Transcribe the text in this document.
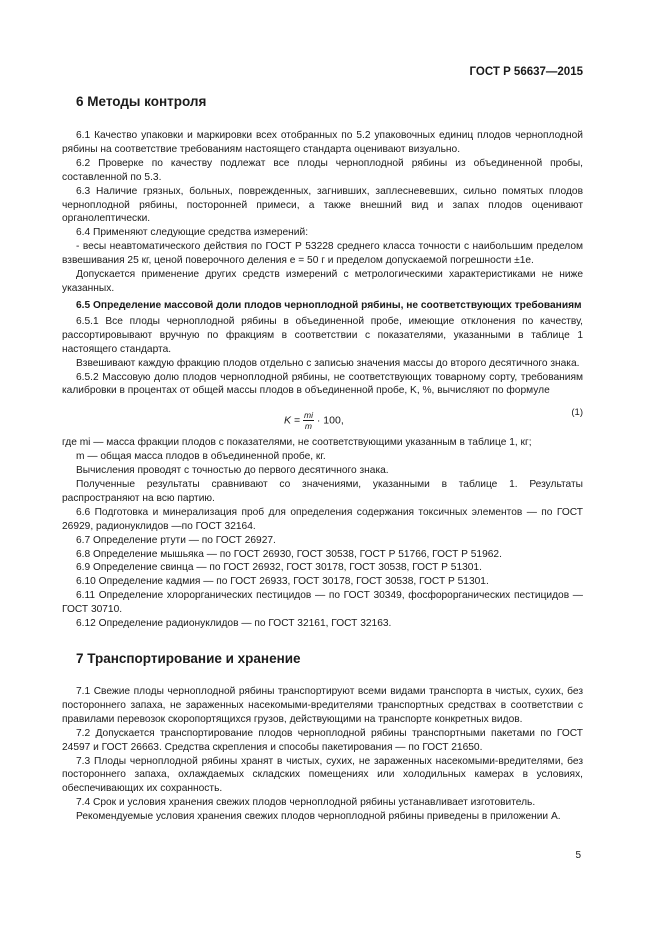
ГОСТ Р 56637—2015
6 Методы контроля

6.1 Качество упаковки и маркировки всех отобранных по 5.2 упаковочных единиц плодов черноплодной рябины на соответствие требованиям настоящего стандарта оценивают визуально.

6.2 Проверке по качеству подлежат все плоды черноплодной рябины из объединенной пробы, составленной по 5.3.

6.3 Наличие грязных, больных, поврежденных, загнивших, заплесневевших, сильно помятых плодов черноплодной рябины, посторонней примеси, а также внешний вид и запах плодов оценивают органолептически.

6.4 Применяют следующие средства измерений:

- весы неавтоматического действия по ГОСТ Р 53228 среднего класса точности с наибольшим пределом взвешивания 25 кг, ценой поверочного деления e = 50 г и пределом допускаемой погрешности ±1e.

Допускается применение других средств измерений с метрологическими характеристиками не ниже указанных.

6.5 Определение массовой доли плодов черноплодной рябины, не соответствующих требованиям

6.5.1 Все плоды черноплодной рябины в объединенной пробе, имеющие отклонения по качеству, рассортировывают вручную по фракциям в соответствии с показателями, указанными в таблице 1 настоящего стандарта.

Взвешивают каждую фракцию плодов отдельно с записью значения массы до второго десятичного знака.

6.5.2 Массовую долю плодов черноплодной рябины, не соответствующих товарному сорту, требованиям калибровки в процентах от общей массы плодов в объединенной пробе, K, %, вычисляют по формуле

$K = \frac{mi}{m} \cdot 100$,
(1)

где mi — масса фракции плодов с показателями, не соответствующими указанным в таблице 1, кг;

m — общая масса плодов в объединенной пробе, кг.

Вычисления проводят с точностью до первого десятичного знака.

Полученные результаты сравнивают со значениями, указанными в таблице 1. Результаты распространяют на всю партию.

6.6 Подготовка и минерализация проб для определения содержания токсичных элементов — по ГОСТ 26929, радионуклидов —по ГОСТ 32164.

6.7 Определение ртути — по ГОСТ 26927.

6.8 Определение мышьяка — по ГОСТ 26930, ГОСТ 30538, ГОСТ Р 51766, ГОСТ Р 51962.

6.9 Определение свинца — по ГОСТ 26932, ГОСТ 30178, ГОСТ 30538, ГОСТ Р 51301.

6.10 Определение кадмия — по ГОСТ 26933, ГОСТ 30178, ГОСТ 30538, ГОСТ Р 51301.

6.11 Определение хлорорганических пестицидов — по ГОСТ 30349, фосфорорганических пестицидов — ГОСТ 30710.

6.12 Определение радионуклидов — по ГОСТ 32161, ГОСТ 32163.

7 Транспортирование и хранение

7.1 Свежие плоды черноплодной рябины транспортируют всеми видами транспорта в чистых, сухих, без постороннего запаха, не зараженных насекомыми-вредителями транспортных средствах в соответствии с правилами перевозок скоропортящихся грузов, действующими на транспорте конкретных видов.

7.2 Допускается транспортирование плодов черноплодной рябины транспортными пакетами по ГОСТ 24597 и ГОСТ 26663. Средства скрепления и способы пакетирования — по ГОСТ 21650.

7.3 Плоды черноплодной рябины хранят в чистых, сухих, не зараженных насекомыми-вредителями, без постороннего запаха, охлаждаемых складских помещениях или холодильных камерах в условиях, обеспечивающих их сохранность.

7.4 Срок и условия хранения свежих плодов черноплодной рябины устанавливает изготовитель.

Рекомендуемые условия хранения свежих плодов черноплодной рябины приведены в приложении А.

5
